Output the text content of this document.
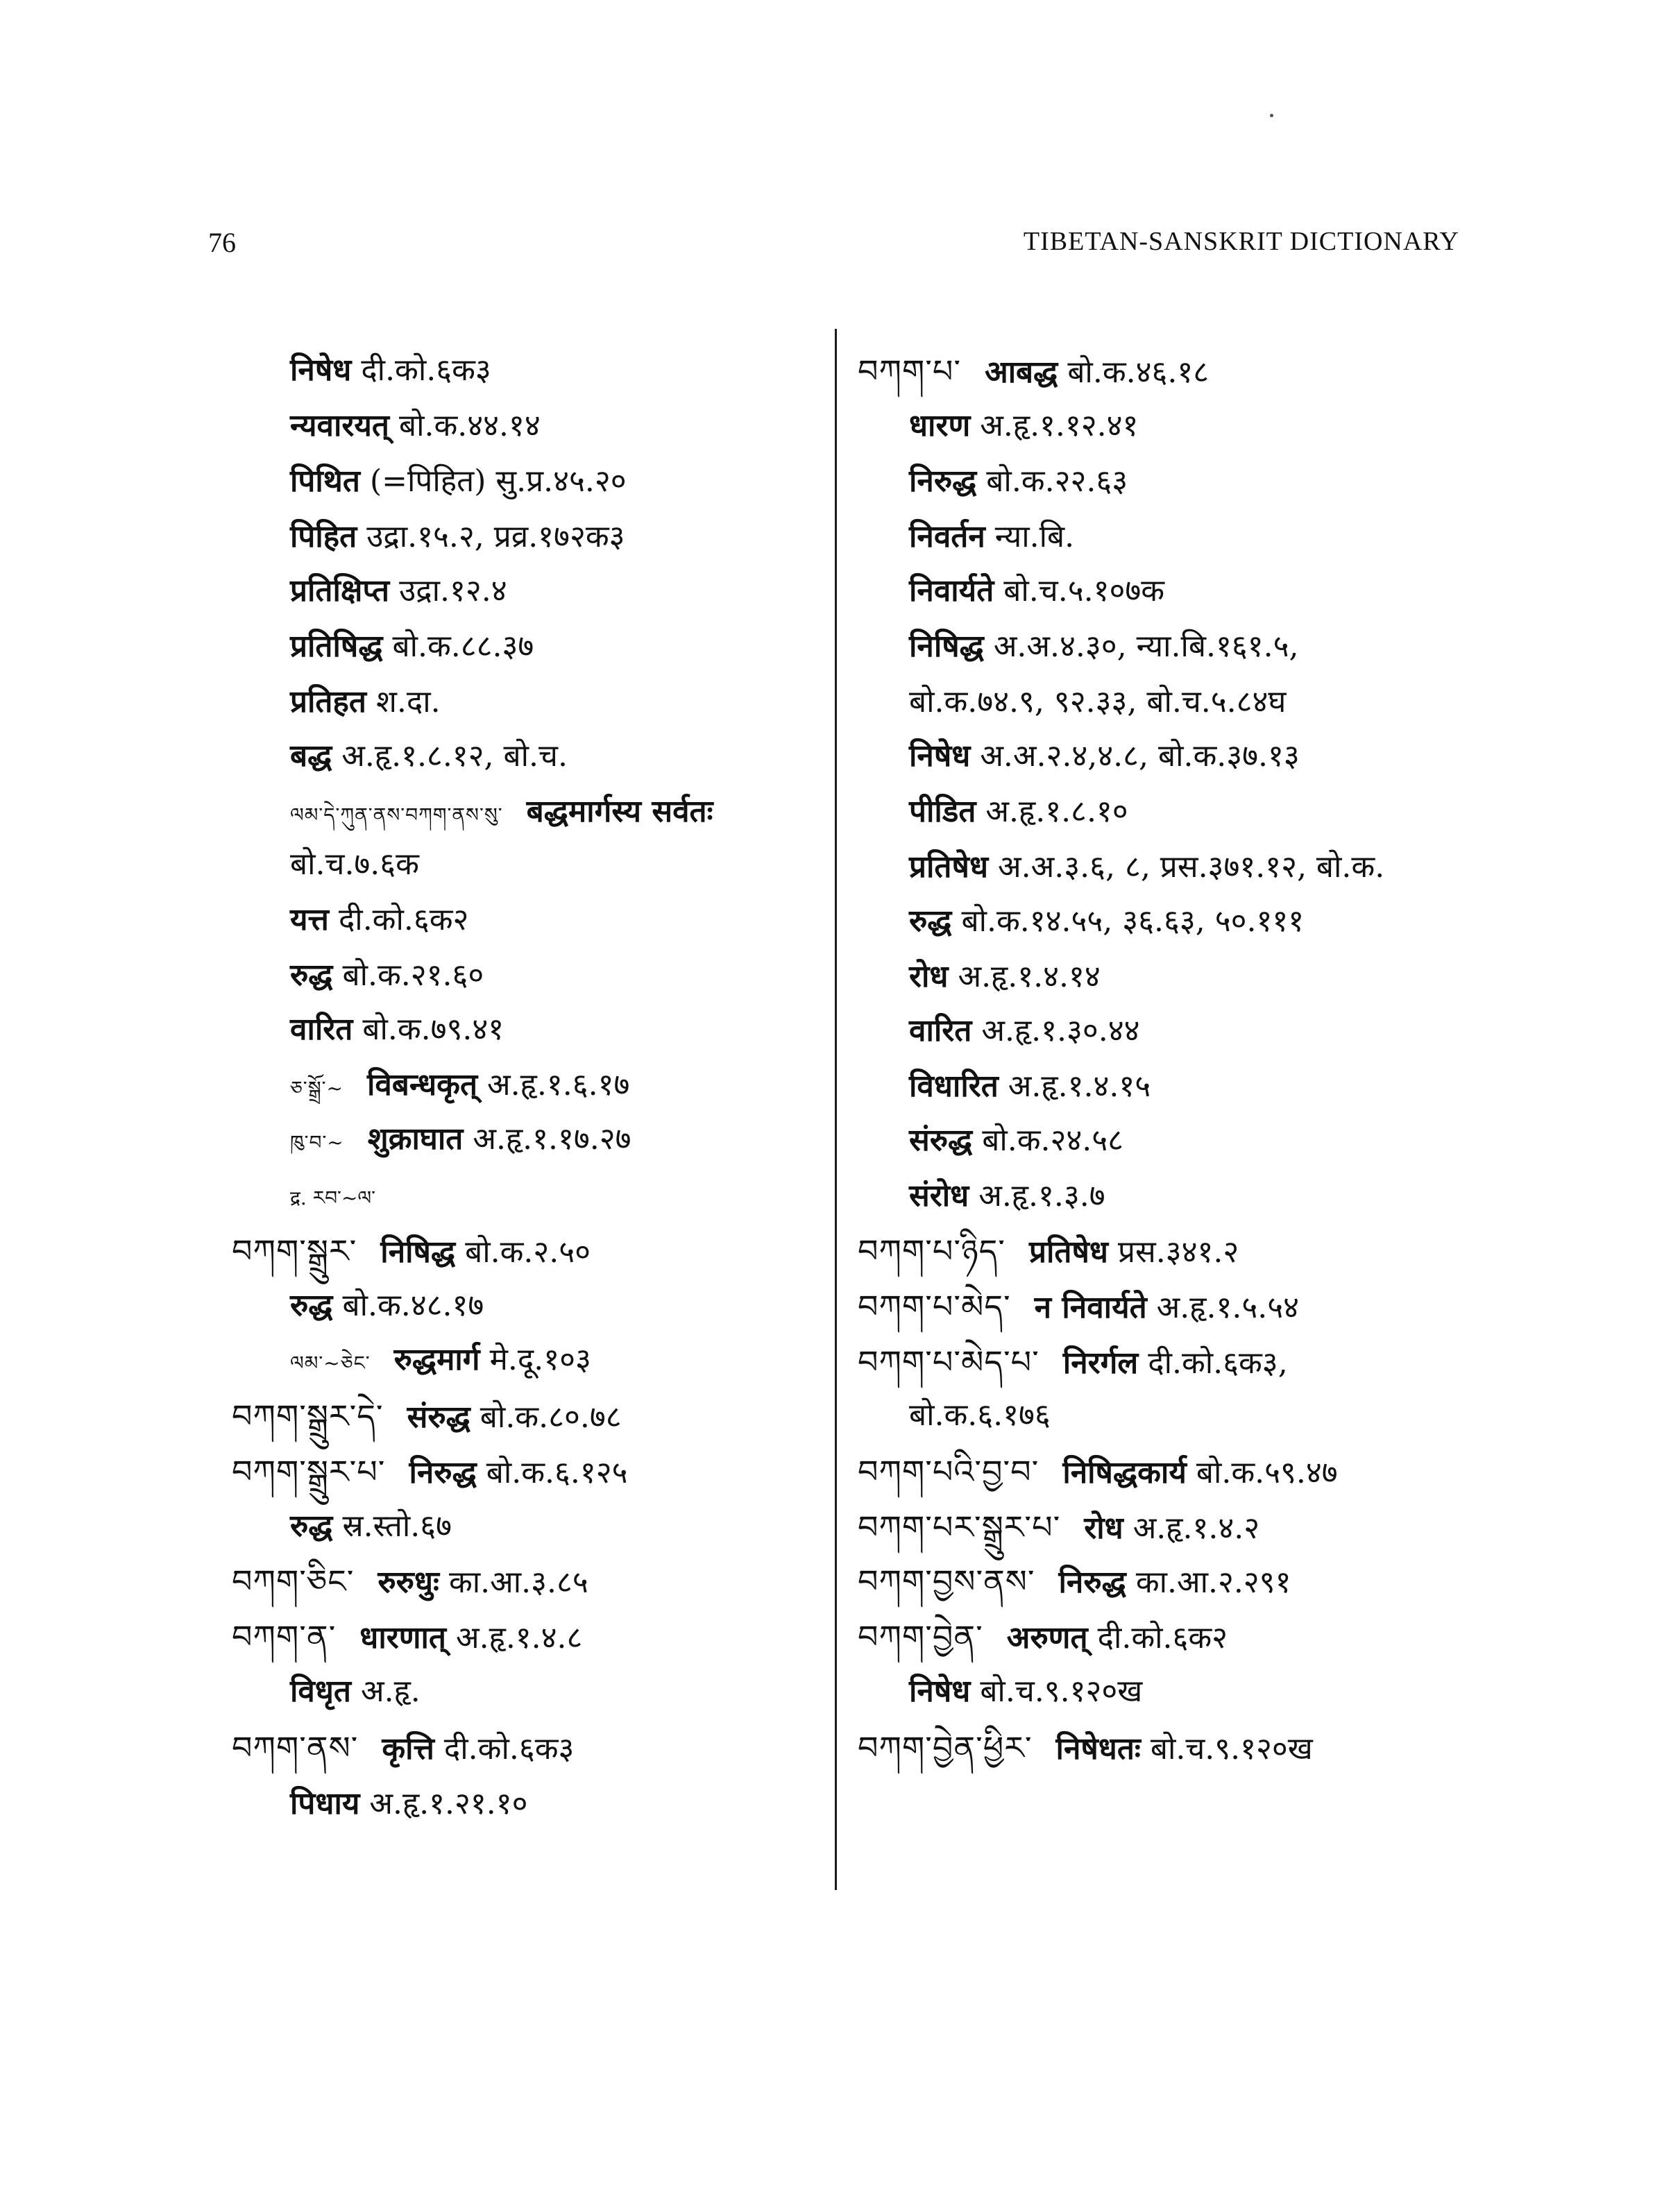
76	TIBETAN-SANSKRIT DICTIONARY
निषेध दी.को.६क३
न्यवारयत् बो.क.४४.१४
पिथित (=पिहित) सु.प्र.४५.२०
पिहित उद्रा.१५.२, प्रव्र.१७२क३
प्रतिक्षिप्त उद्रा.१२.४
प्रतिषिद्ध बो.क.८८.३७
प्रतिहत श.दा.
बद्ध अ.हृ.१.८.१२, बो.च.
ལམ་དེ་ཀུན་ནས་བཀག་ནས་སུ་ बद्धमार्गस्य सर्वतः
बो.च.७.६क
यत्त दी.को.६क२
रुद्ध बो.क.२१.६०
वारित बो.क.७९.४१
ཅ་སྒྲོ་~ विबन्धकृत् अ.हृ.१.६.१७
ཁུ་བ་~ शुक्राघात अ.हृ.१.१७.२७
द्र. རབ་~ལ་
བཀག་སྒྲུར་ निषिद्ध बो.क.२.५०
रुद्ध बो.क.४८.१७
ལམ་~ཅེང་ रुद्धमार्ग मे.दू.१०३
བཀག་སྒྲུར་དེ་ संरुद्ध बो.क.८०.७८
བཀག་སྒྲུར་པ་ निरुद्ध बो.क.६.१२५
रुद्ध स्र.स्तो.६७
བཀག་ཅིང་ रुरुधुः का.आ.३.८५
བཀག་ན་ धारणात् अ.हृ.१.४.८
विधृत अ.हृ.
བཀག་ནས་ कृत्ति दी.को.६क३
पिधाय अ.हृ.१.२१.१०
བཀག་པ་ आबद्ध बो.क.४६.१८
धारण अ.हृ.१.१२.४१
निरुद्ध बो.क.२२.६३
निवर्तन न्या.बि.
निवार्यते बो.च.५.१०७क
निषिद्ध अ.अ.४.३०, न्या.बि.१६१.५,
बो.क.७४.९, ९२.३३, बो.च.५.८४घ
निषेध अ.अ.२.४,४.८, बो.क.३७.१३
पीडित अ.हृ.१.८.१०
प्रतिषेध अ.अ.३.६, ८, प्रस.३७१.१२, बो.क.
रुद्ध बो.क.१४.५५, ३६.६३, ५०.१११
रोध अ.हृ.१.४.१४
वारित अ.हृ.१.३०.४४
विधारित अ.हृ.१.४.१५
संरुद्ध बो.क.२४.५८
संरोध अ.हृ.१.३.७
བཀག་པ་ཉིད་ प्रतिषेध प्रस.३४१.२
བཀག་པ་མེད་ न निवार्यते अ.हृ.१.५.५४
བཀག་པ་མེད་པ་ निरर्गल दी.को.६क३,
बो.क.६.१७६
བཀག་པའི་བྱ་བ་ निषिद्धकार्य बो.क.५९.४७
བཀག་པར་སྒྲུར་པ་ रोध अ.हृ.१.४.२
བཀག་བྱས་ནས་ निरुद्ध का.आ.२.२९१
བཀག་བྱེན་ अरुणत् दी.को.६क२
निषेध बो.च.९.१२०ख
བཀག་བྱེན་ཕྱིར་ निषेधतः बो.च.९.१२०ख
